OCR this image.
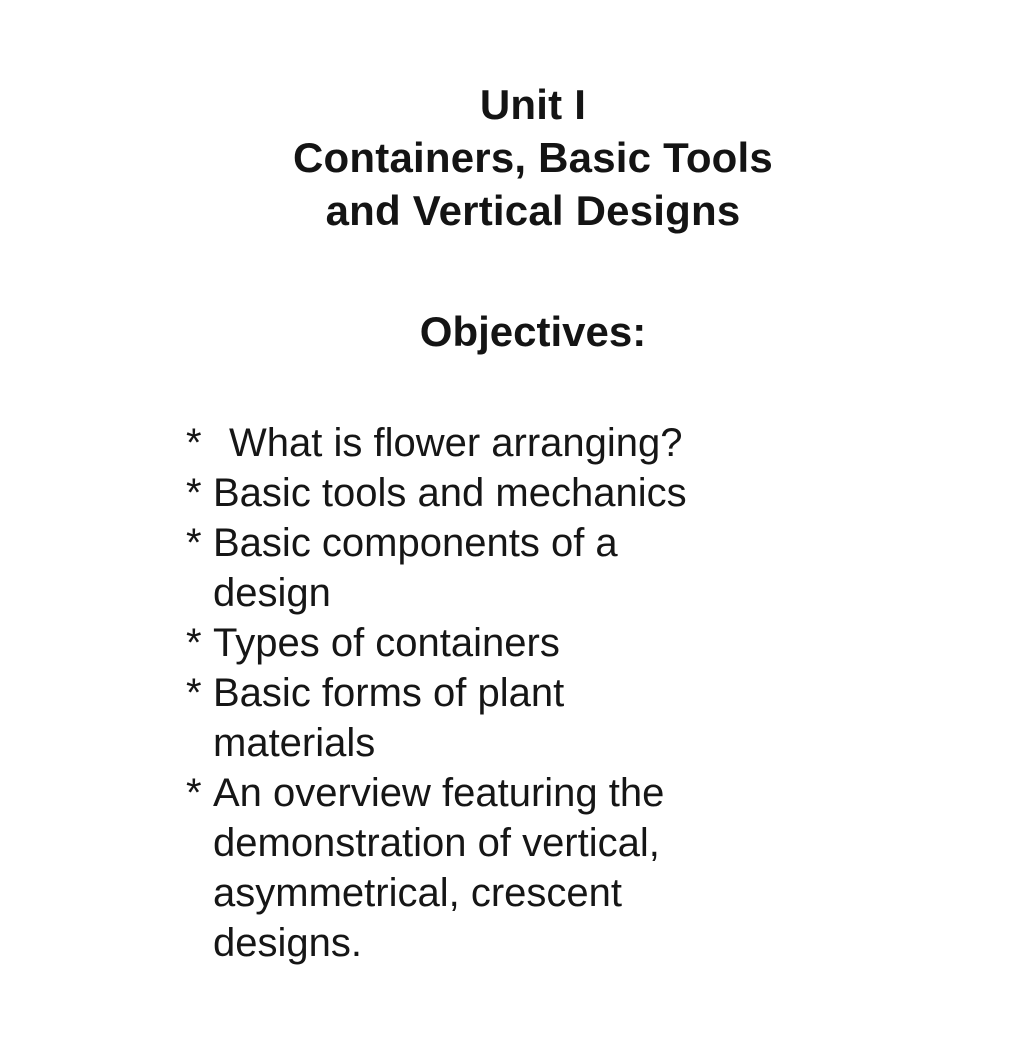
Unit I
Containers, Basic Tools
and Vertical Designs
Objectives:
* What is flower arranging?
* Basic tools and mechanics
* Basic components of a
design
* Types of containers
* Basic forms of plant
materials
* An overview featuring the
demonstration of vertical,
asymmetrical, crescent
designs.
